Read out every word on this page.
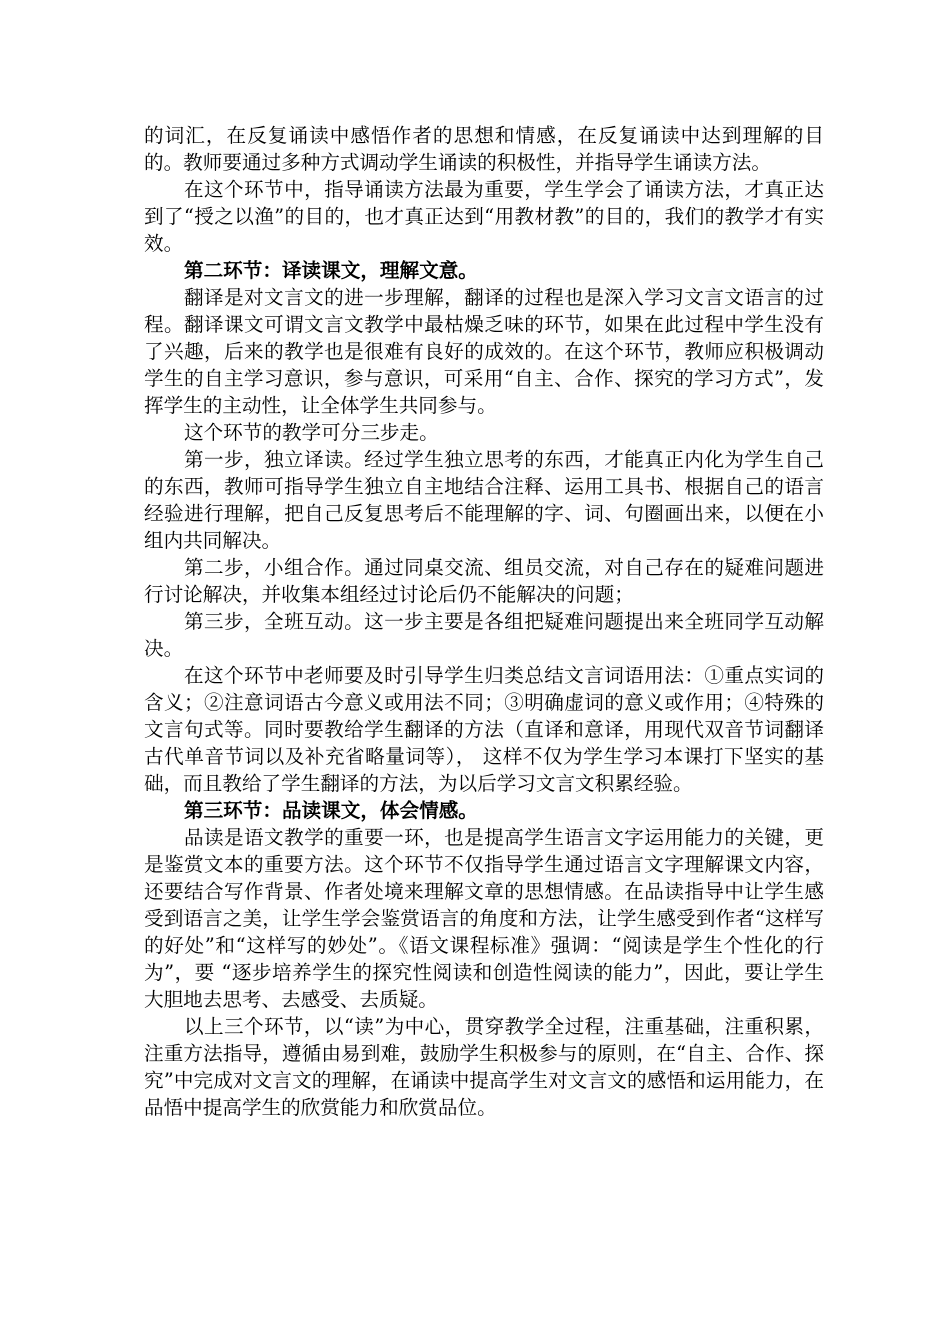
的词汇，在反复诵读中感悟作者的思想和情感，在反复诵读中达到理解的目的。教师要通过多种方式调动学生诵读的积极性，并指导学生诵读方法。

在这个环节中，指导诵读方法最为重要，学生学会了诵读方法，才真正达到了“授之以渔”的目的，也才真正达到“用教材教”的目的，我们的教学才有实效。

第二环节：译读课文，理解文意。

翻译是对文言文的进一步理解，翻译的过程也是深入学习文言文语言的过程。翻译课文可谓文言文教学中最枯燥乏味的环节，如果在此过程中学生没有了兴趣，后来的教学也是很难有良好的成效的。在这个环节，教师应积极调动学生的自主学习意识，参与意识，可采用“自主、合作、探究的学习方式”，发挥学生的主动性，让全体学生共同参与。

这个环节的教学可分三步走。

第一步，独立译读。经过学生独立思考的东西，才能真正内化为学生自己的东西，教师可指导学生独立自主地结合注释、运用工具书、根据自己的语言经验进行理解，把自己反复思考后不能理解的字、词、句圈画出来，以便在小组内共同解决。

第二步，小组合作。通过同桌交流、组员交流，对自己存在的疑难问题进行讨论解决，并收集本组经过讨论后仍不能解决的问题；

第三步，全班互动。这一步主要是各组把疑难问题提出来全班同学互动解决。

在这个环节中老师要及时引导学生归类总结文言词语用法：①重点实词的含义；②注意词语古今意义或用法不同；③明确虚词的意义或作用；④特殊的文言句式等。同时要教给学生翻译的方法（直译和意译，用现代双音节词翻译古代单音节词以及补充省略量词等）， 这样不仅为学生学习本课打下坚实的基础，而且教给了学生翻译的方法，为以后学习文言文积累经验。

第三环节：品读课文，体会情感。

品读是语文教学的重要一环，也是提高学生语言文字运用能力的关键，更是鉴赏文本的重要方法。这个环节不仅指导学生通过语言文字理解课文内容，还要结合写作背景、作者处境来理解文章的思想情感。在品读指导中让学生感受到语言之美，让学生学会鉴赏语言的角度和方法，让学生感受到作者“这样写的好处”和“这样写的妙处”。《语文课程标准》强调：“阅读是学生个性化的行为”，要 “逐步培养学生的探究性阅读和创造性阅读的能力”，因此，要让学生大胆地去思考、去感受、去质疑。

以上三个环节，以“读”为中心，贯穿教学全过程，注重基础，注重积累，注重方法指导，遵循由易到难，鼓励学生积极参与的原则，在“自主、合作、探究”中完成对文言文的理解，在诵读中提高学生对文言文的感悟和运用能力，在品悟中提高学生的欣赏能力和欣赏品位。
